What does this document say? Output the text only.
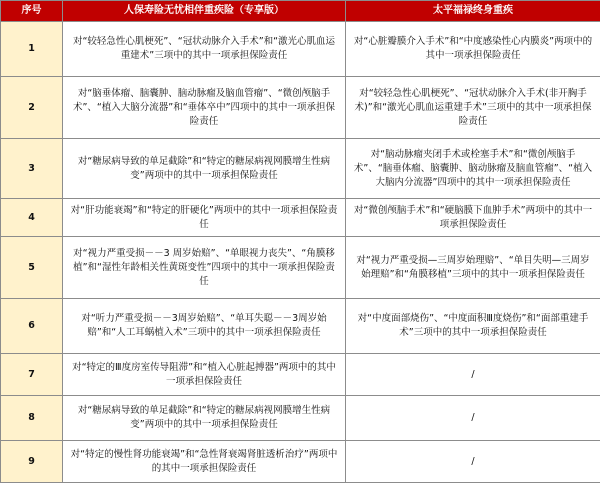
序号	人保寿险无忧相伴重疾险（专享版）	太平福禄终身重疾
1	对“较轻急性心肌梗死”、“冠状动脉介入手术”和“激光心肌血运重建术”三项中的其中一项承担保险责任	对“心脏瓣膜介入手术”和“中度感染性心内膜炎”两项中的其中一项承担保险责任
2	对“脑垂体瘤、脑囊肿、脑动脉瘤及脑血管瘤”、“微创颅脑手术”、“植入大脑分流器”和“垂体卒中”四项中的其中一项承担保险责任	对“较轻急性心肌梗死”、“冠状动脉介入手术(非开胸手术)”和“激光心肌血运重建手术”三项中的其中一项承担保险责任
3	对“糖尿病导致的单足截除”和“特定的糖尿病视网膜增生性病变”两项中的其中一项承担保险责任	对“脑动脉瘤夹闭手术或栓塞手术”和“微创颅脑手术”、“脑垂体瘤、脑囊肿、脑动脉瘤及脑血管瘤”、“植入大脑内分流器”四项中的其中一项承担保险责任
4	对“肝功能衰竭”和“特定的肝硬化”两项中的其中一项承担保险责任	对“微创颅脑手术”和“硬脑膜下血肿手术”两项中的其中一项承担保险责任
5	对“视力严重受损－－3 周岁始赔”、“单眼视力丧失”、“角膜移植”和“湿性年龄相关性黄斑变性”四项中的其中一项承担保险责任	对“视力严重受损—三周岁始理赔”、“单目失明—三周岁始理赔”和“角膜移植”三项中的其中一项承担保险责任
6	对“听力严重受损－－3周岁始赔”、“单耳失聪－－3周岁始赔”和“人工耳蜗植入术”三项中的其中一项承担保险责任	对“中度面部烧伤”、“中度面积Ⅲ度烧伤”和“面部重建手术”三项中的其中一项承担保险责任
7	对“特定的Ⅲ度房室传导阻滞”和“植入心脏起搏器”两项中的其中一项承担保险责任	/
8	对“糖尿病导致的单足截除”和“特定的糖尿病视网膜增生性病变”两项中的其中一项承担保险责任	/
9	对“特定的慢性肾功能衰竭”和“急性肾衰竭肾脏透析治疗”两项中的其中一项承担保险责任	/
